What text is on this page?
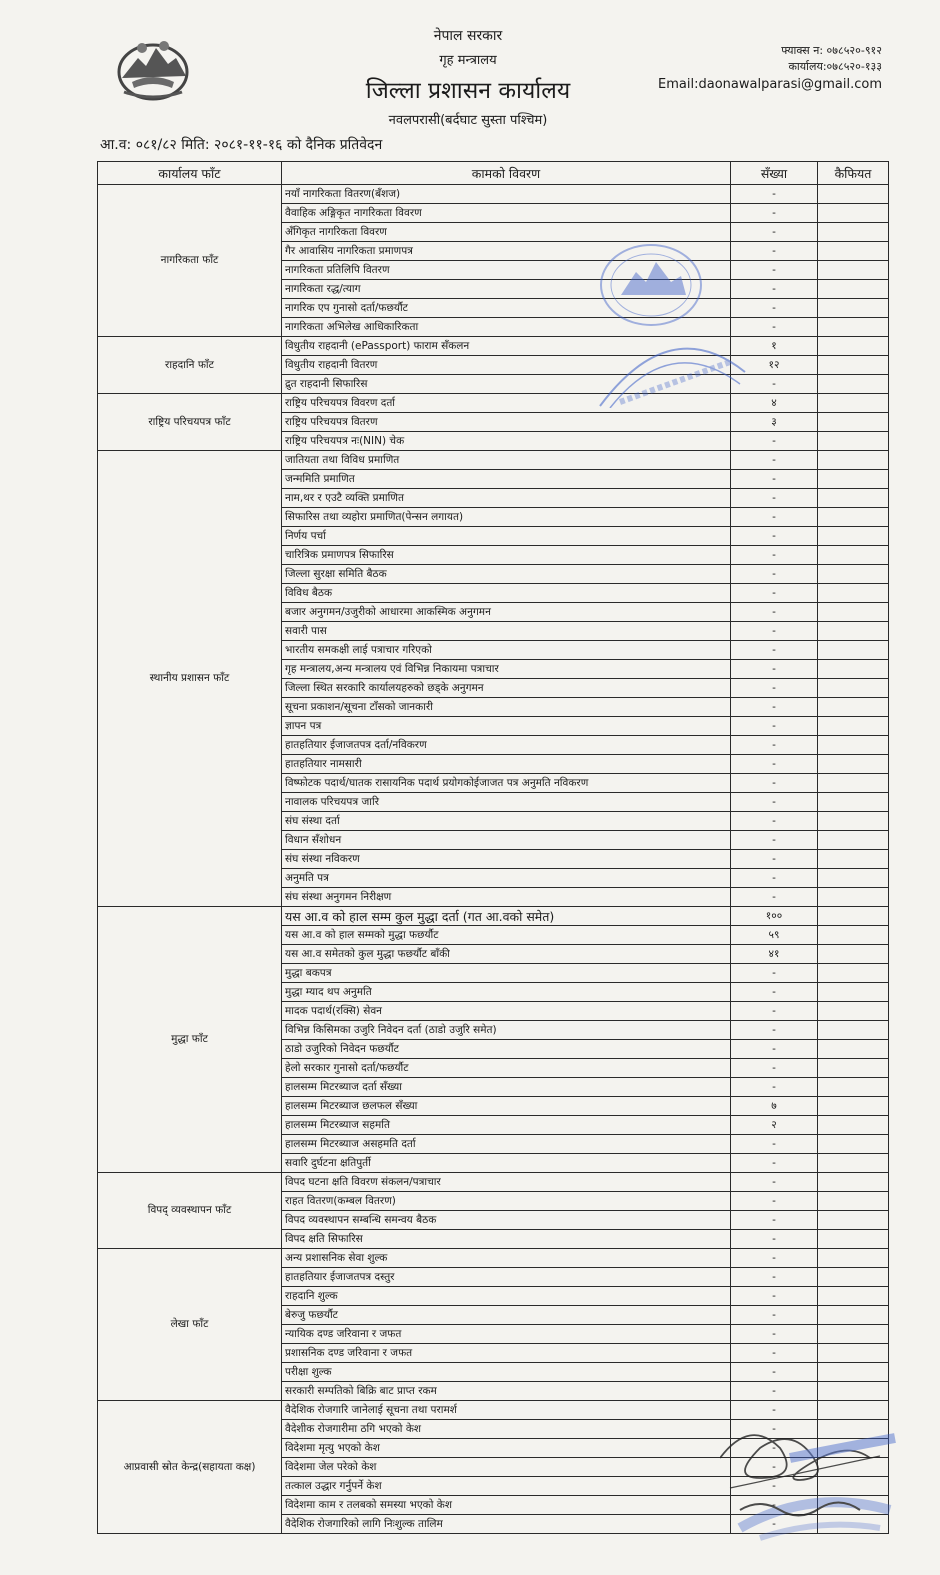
नेपाल सरकार
गृह मन्त्रालय
जिल्ला प्रशासन कार्यालय
नवलपरासी(बर्दघाट सुस्ता पश्चिम)
फ्याक्स न: ०७८५२०-९१२
कार्यालय:०७८५२०-१३३
Email:daonawalparasi@gmail.com
आ.व: ०८१/८२ मिति: २०८१-११-१६ को दैनिक प्रतिवेदन
कार्यालय फाँट	कामको विवरण	सँख्या	कैफियत
नागरिकता फाँट	नयाँ नागरिकता वितरण(बँशज)	-	
	वैवाहिक अङ्गिकृत नागरिकता विवरण	-	
	अँगिकृत नागरिकता विवरण	-	
	गैर आवासिय नागरिकता प्रमाणपत्र	-	
	नागरिकता प्रतिलिपि वितरण	-	
	नागरिकता रद्ध/त्याग	-	
	नागरिक एप गुनासो दर्ता/फछर्यौट	-	
	नागरिकता अभिलेख आधिकारिकता	-	
राहदानि फाँट	विधुतीय राहदानी (ePassport) फाराम सँकलन	१	
	विधुतीय राहदानी वितरण	१२	
	द्रुत राहदानी सिफारिस	-	
राष्ट्रिय परिचयपत्र फाँट	राष्ट्रिय परिचयपत्र विवरण दर्ता	४	
	राष्ट्रिय परिचयपत्र वितरण	३	
	राष्ट्रिय परिचयपत्र नः(NIN) चेक	-	
स्थानीय प्रशासन फाँट	जातियता तथा विविध प्रमाणित	-	
	जन्ममिति प्रमाणित	-	
	नाम,थर र एउटै व्यक्ति प्रमाणित	-	
	सिफारिस तथा व्यहोरा प्रमाणित(पेन्सन लगायत)	-	
	निर्णय पर्चा	-	
	चारित्रिक प्रमाणपत्र सिफारिस	-	
	जिल्ला सुरक्षा समिति बैठक	-	
	विविध बैठक	-	
	बजार अनुगमन/उजुरीको आधारमा आकस्मिक अनुगमन	-	
	सवारी पास	-	
	भारतीय समकक्षी लाई पत्राचार गरिएको	-	
	गृह मन्त्रालय,अन्य मन्त्रालय एवं विभिन्न निकायमा पत्राचार	-	
	जिल्ला स्थित सरकारि कार्यालयहरुको छड्के अनुगमन	-	
	सूचना प्रकाशन/सूचना टाँसको जानकारी	-	
	ज्ञापन पत्र	-	
	हातहतियार ईजाजतपत्र दर्ता/नविकरण	-	
	हातहतियार नामसारी	-	
	विष्फोटक पदार्थ/घातक रासायनिक पदार्थ प्रयोगकोईजाजत पत्र अनुमति नविकरण	-	
	नावालक परिचयपत्र जारि	-	
	संघ संस्था दर्ता	-	
	विधान सँशोधन	-	
	संघ संस्था नविकरण	-	
	अनुमति पत्र	-	
	संघ संस्था अनुगमन निरीक्षण	-	
मुद्धा फाँट	यस आ.व को हाल सम्म कुल मुद्धा दर्ता (गत आ.वको समेत)	१००	
	यस आ.व को हाल सम्मको मुद्धा फछर्यौट	५९	
	यस आ.व समेतको कुल मुद्धा फछर्यौट बाँकी	४१	
	मुद्धा बकपत्र	-	
	मुद्धा म्याद थप अनुमति	-	
	मादक पदार्थ(रक्सि) सेवन	-	
	विभिन्न किसिमका उजुरि निवेदन दर्ता (ठाडो उजुरि समेत)	-	
	ठाडो उजुरिको निवेदन फछर्यौट	-	
	हेलो सरकार गुनासो दर्ता/फछर्यौट	-	
	हालसम्म मिटरब्याज दर्ता सँख्या	-	
	हालसम्म मिटरब्याज छलफल सँख्या	७	
	हालसम्म मिटरब्याज सहमति	२	
	हालसम्म मिटरब्याज असहमति दर्ता	-	
	सवारि दुर्घटना क्षतिपुर्ती	-	
विपद् व्यवस्थापन फाँट	विपद घटना क्षति विवरण संकलन/पत्राचार	-	
	राहत वितरण(कम्बल वितरण)	-	
	विपद व्यवस्थापन सम्बन्धि समन्वय बैठक	-	
	विपद क्षति सिफारिस	-	
लेखा फाँट	अन्य प्रशासनिक सेवा शुल्क	-	
	हातहतियार ईजाजतपत्र दस्तुर	-	
	राहदानि शुल्क	-	
	बेरुजु फछर्यौट	-	
	न्यायिक दण्ड जरिवाना र जफत	-	
	प्रशासनिक दण्ड जरिवाना र जफत	-	
	परीक्षा शुल्क	-	
	सरकारी सम्पतिको बिक्रि बाट प्राप्त रकम	-	
आप्रवासी स्रोत केन्द्र(सहायता कक्ष)	वैदेशिक रोजगारि जानेलाई सूचना तथा परामर्श	-	
	वैदेशीक रोजगारीमा ठगि भएको केश	-	
	विदेशमा मृत्यु भएको केश	-	
	विदेशमा जेल परेको केश	-	
	तत्काल उद्धार गर्नुपर्ने केश	-	
	विदेशमा काम र तलबको समस्या भएको केश	-	
	वैदेशिक रोजगारिको लागि निःशुल्क तालिम	-	
